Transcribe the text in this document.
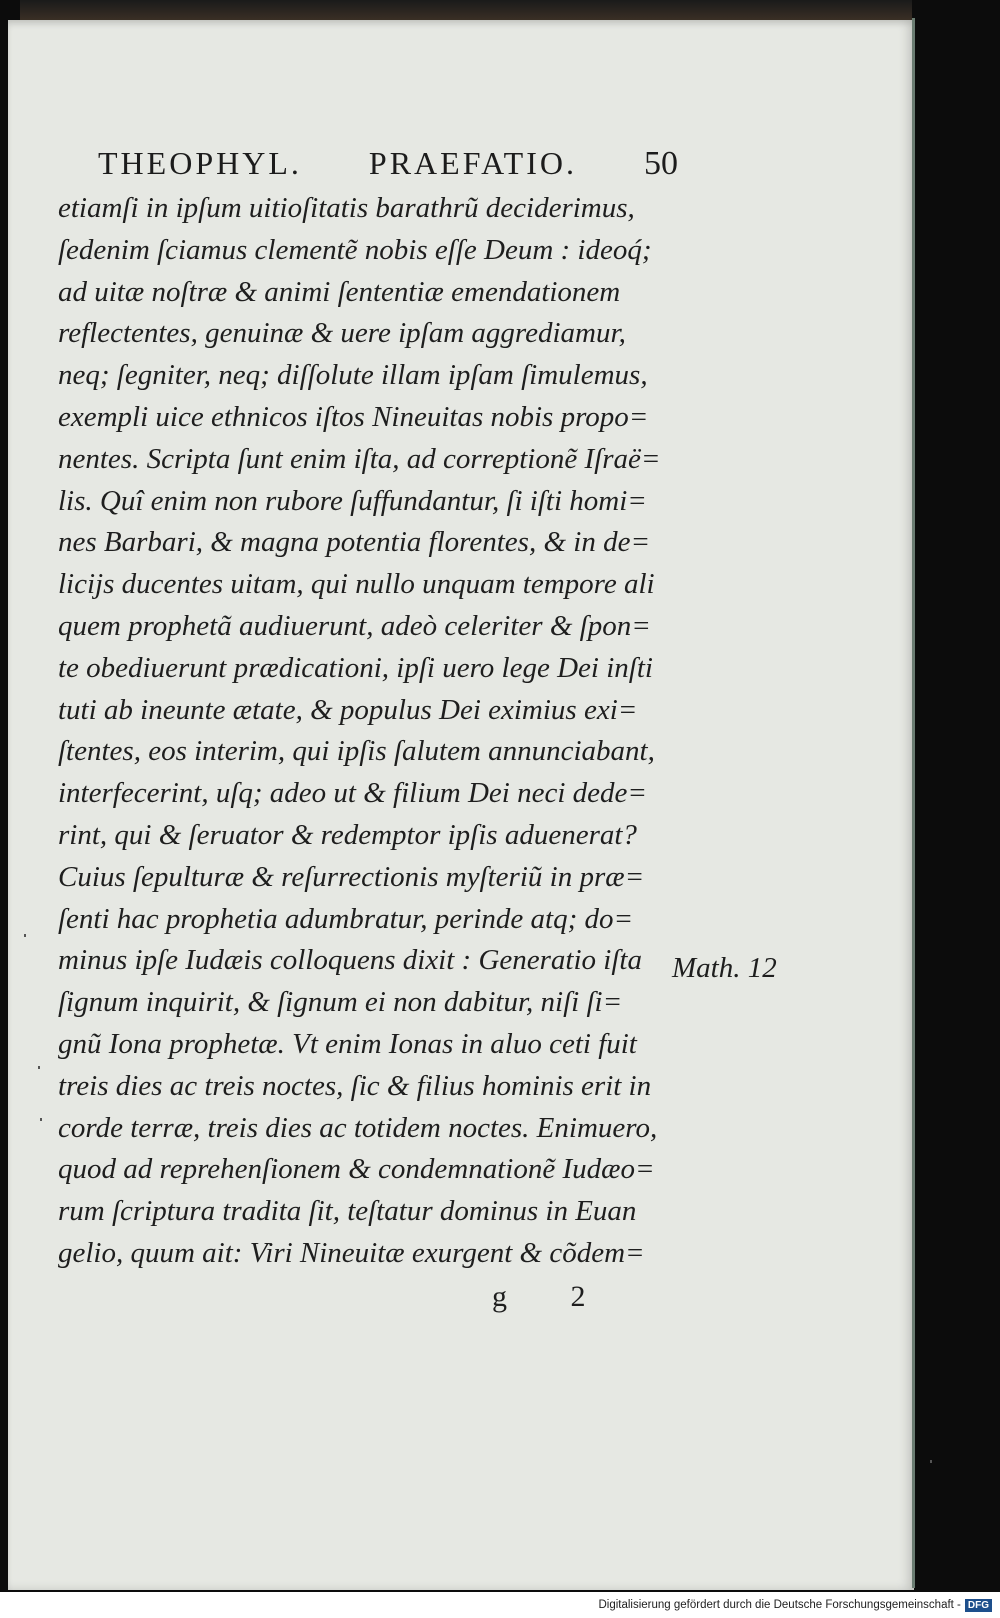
THEOPHYL. PRAEFATIO. 50
etiamſi in ipſum uitioſitatis barathrũ deciderimus,
ſedenim ſciamus clementẽ nobis eſſe Deum : ideoq́;
ad uitæ noſtræ & animi ſententiæ emendationem
reflectentes, genuinæ & uere ipſam aggrediamur,
neq; ſegniter, neq; diſſolute illam ipſam ſimulemus,
exempli uice ethnicos iſtos Nineuitas nobis propo=
nentes. Scripta ſunt enim iſta, ad correptionẽ Iſraë=
lis. Quî enim non rubore ſuffundantur, ſi iſti homi=
nes Barbari, & magna potentia florentes, & in de=
licijs ducentes uitam, qui nullo unquam tempore ali
quem prophetã audiuerunt, adeò celeriter & ſpon=
te obediuerunt prædicationi, ipſi uero lege Dei inſti
tuti ab ineunte ætate, & populus Dei eximius exi=
ſtentes, eos interim, qui ipſis ſalutem annunciabant,
interfecerint, uſq; adeo ut & filium Dei neci dede=
rint, qui & ſeruator & redemptor ipſis aduenerat?
Cuius ſepulturæ & reſurrectionis myſteriũ in præ=
ſenti hac prophetia adumbratur, perinde atq; do=
minus ipſe Iudæis colloquens dixit : Generatio iſta
ſignum inquirit, & ſignum ei non dabitur, niſi ſi=
gnũ Iona prophetæ. Vt enim Ionas in aluo ceti fuit
treis dies ac treis noctes, ſic & filius hominis erit in
corde terræ, treis dies ac totidem noctes. Enimuero,
quod ad reprehenſionem & condemnationẽ Iudæo=
rum ſcriptura tradita ſit, teſtatur dominus in Euan
gelio, quum ait: Viri Nineuitæ exurgent & cõdem=
Math. 12
g 2
Digitalisierung gefördert durch die Deutsche Forschungsgemeinschaft - DFG
